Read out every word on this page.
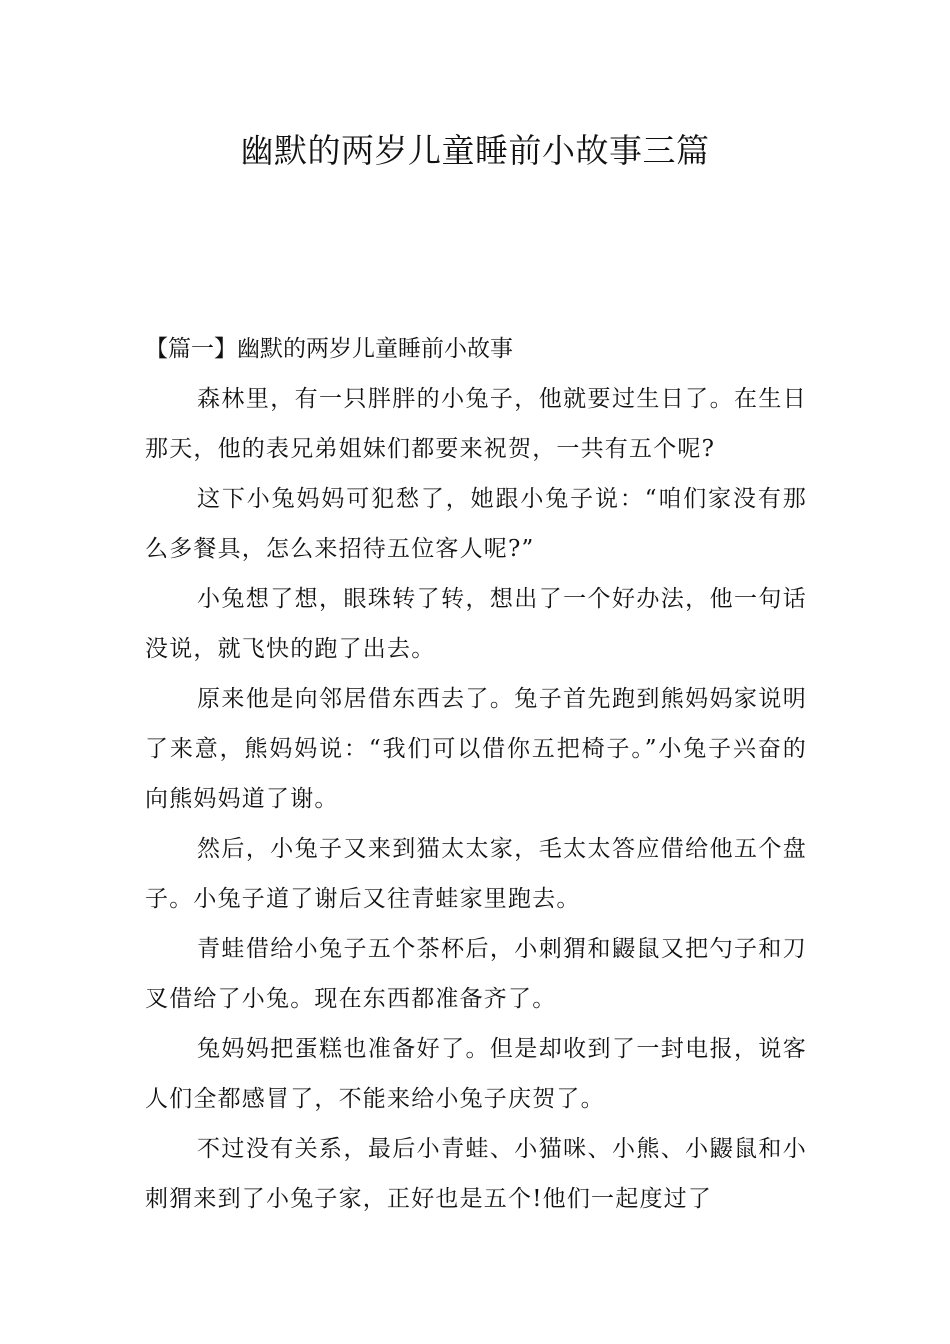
幽默的两岁儿童睡前小故事三篇

【篇一】幽默的两岁儿童睡前小故事

森林里，有一只胖胖的小兔子，他就要过生日了。在生日那天，他的表兄弟姐妹们都要来祝贺，一共有五个呢?

这下小兔妈妈可犯愁了，她跟小兔子说：“咱们家没有那么多餐具，怎么来招待五位客人呢?”

小兔想了想，眼珠转了转，想出了一个好办法，他一句话没说，就飞快的跑了出去。

原来他是向邻居借东西去了。兔子首先跑到熊妈妈家说明了来意，熊妈妈说：“我们可以借你五把椅子。”小兔子兴奋的向熊妈妈道了谢。

然后，小兔子又来到猫太太家，毛太太答应借给他五个盘子。小兔子道了谢后又往青蛙家里跑去。

青蛙借给小兔子五个茶杯后，小刺猬和鼹鼠又把勺子和刀叉借给了小兔。现在东西都准备齐了。

兔妈妈把蛋糕也准备好了。但是却收到了一封电报，说客人们全都感冒了，不能来给小兔子庆贺了。

不过没有关系，最后小青蛙、小猫咪、小熊、小鼹鼠和小刺猬来到了小兔子家，正好也是五个!他们一起度过了
